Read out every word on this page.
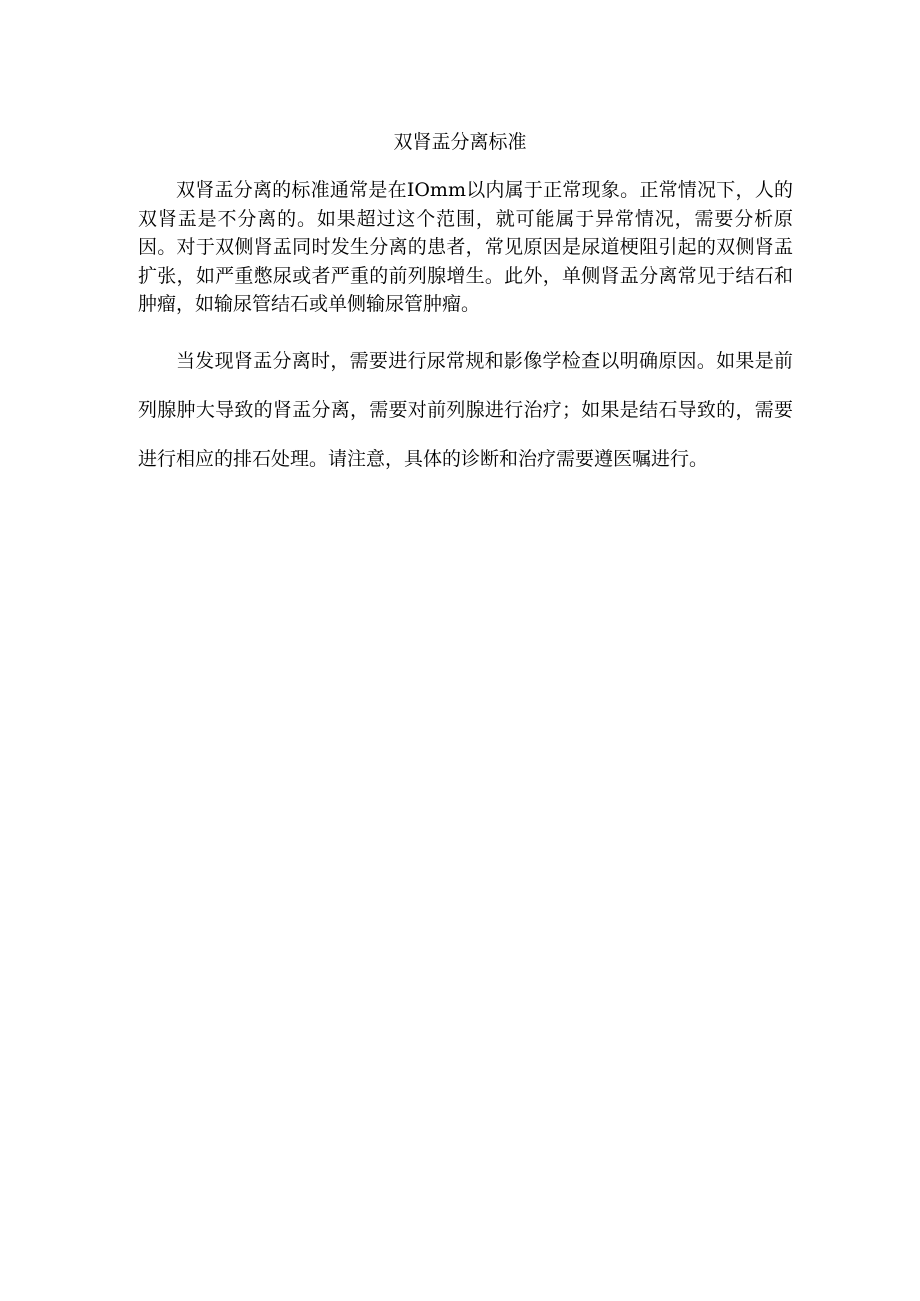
双肾盂分离标准

双肾盂分离的标准通常是在IOmm以内属于正常现象。正常情况下，人的双肾盂是不分离的。如果超过这个范围，就可能属于异常情况，需要分析原因。对于双侧肾盂同时发生分离的患者，常见原因是尿道梗阻引起的双侧肾盂扩张，如严重憋尿或者严重的前列腺增生。此外，单侧肾盂分离常见于结石和肿瘤，如输尿管结石或单侧输尿管肿瘤。

当发现肾盂分离时，需要进行尿常规和影像学检查以明确原因。如果是前列腺肿大导致的肾盂分离，需要对前列腺进行治疗；如果是结石导致的，需要进行相应的排石处理。请注意，具体的诊断和治疗需要遵医嘱进行。
